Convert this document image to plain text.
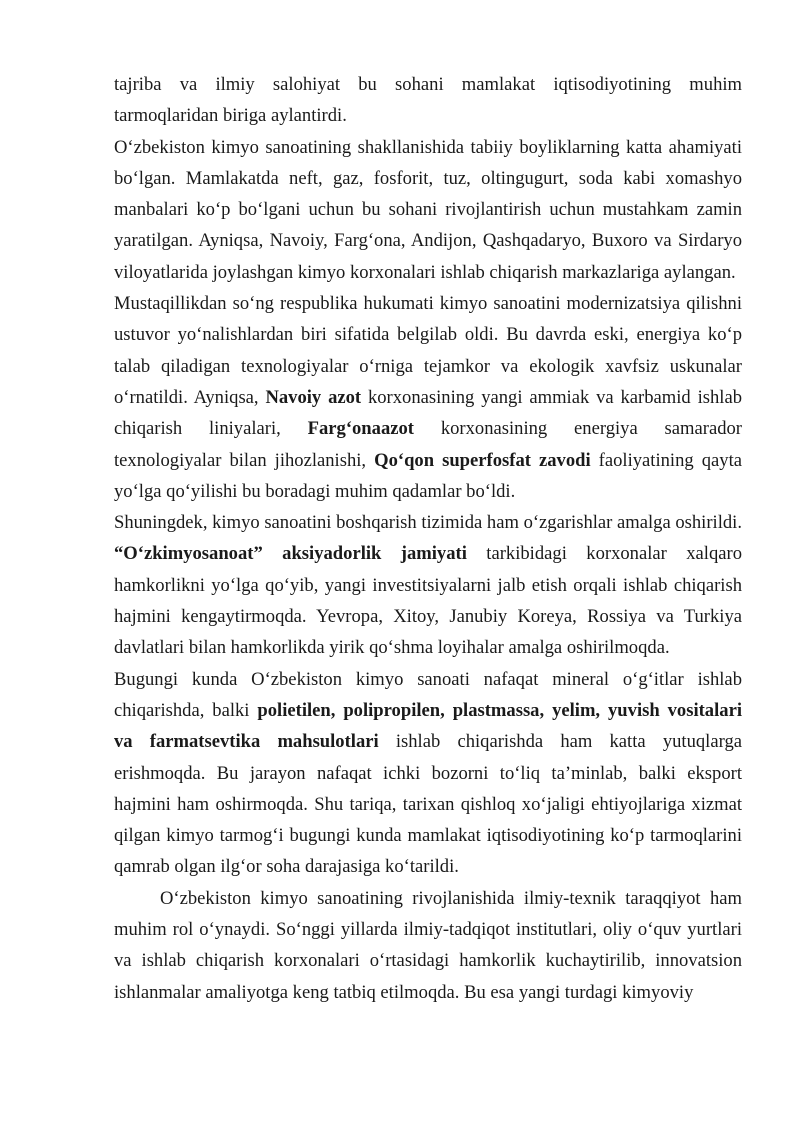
tajriba va ilmiy salohiyat bu sohani mamlakat iqtisodiyotining muhim tarmoqlaridan biriga aylantirdi.

O‘zbekiston kimyo sanoatining shakllanishida tabiiy boyliklarning katta ahamiyati bo‘lgan. Mamlakatda neft, gaz, fosforit, tuz, oltingugurt, soda kabi xomashyo manbalari ko‘p bo‘lgani uchun bu sohani rivojlantirish uchun mustahkam zamin yaratilgan. Ayniqsa, Navoiy, Farg‘ona, Andijon, Qashqadaryo, Buxoro va Sirdaryo viloyatlarida joylashgan kimyo korxonalari ishlab chiqarish markazlariga aylangan.

Mustaqillikdan so‘ng respublika hukumati kimyo sanoatini modernizatsiya qilishni ustuvor yo‘nalishlardan biri sifatida belgilab oldi. Bu davrda eski, energiya ko‘p talab qiladigan texnologiyalar o‘rniga tejamkor va ekologik xavfsiz uskunalar o‘rnatildi. Ayniqsa, Navoiy azot korxonasining yangi ammiak va karbamid ishlab chiqarish liniyalari, Farg‘onaazot korxonasining energiya samarador texnologiyalar bilan jihozlanishi, Qo‘qon superfosfat zavodi faoliyatining qayta yo‘lga qo‘yilishi bu boradagi muhim qadamlar bo‘ldi.

Shuningdek, kimyo sanoatini boshqarish tizimida ham o‘zgarishlar amalga oshirildi. “O‘zkimyosanoat” aksiyadorlik jamiyati tarkibidagi korxonalar xalqaro hamkorlikni yo‘lga qo‘yib, yangi investitsiyalarni jalb etish orqali ishlab chiqarish hajmini kengaytirmoqda. Yevropa, Xitoy, Janubiy Koreya, Rossiya va Turkiya davlatlari bilan hamkorlikda yirik qo‘shma loyihalar amalga oshirilmoqda.

Bugungi kunda O‘zbekiston kimyo sanoati nafaqat mineral o‘g‘itlar ishlab chiqarishda, balki polietilen, polipropilen, plastmassa, yelim, yuvish vositalari va farmatsevtika mahsulotlari ishlab chiqarishda ham katta yutuqlarga erishmoqda. Bu jarayon nafaqat ichki bozorni to‘liq ta’minlab, balki eksport hajmini ham oshirmoqda. Shu tariqa, tarixan qishloq xo‘jaligi ehtiyojlariga xizmat qilgan kimyo tarmog‘i bugungi kunda mamlakat iqtisodiyotining ko‘p tarmoqlarini qamrab olgan ilg‘or soha darajasiga ko‘tarildi.

O‘zbekiston kimyo sanoatining rivojlanishida ilmiy-texnik taraqqiyot ham muhim rol o‘ynaydi. So‘nggi yillarda ilmiy-tadqiqot institutlari, oliy o‘quv yurtlari va ishlab chiqarish korxonalari o‘rtasidagi hamkorlik kuchaytirilib, innovatsion ishlanmalar amaliyotga keng tatbiq etilmoqda. Bu esa yangi turdagi kimyoviy
